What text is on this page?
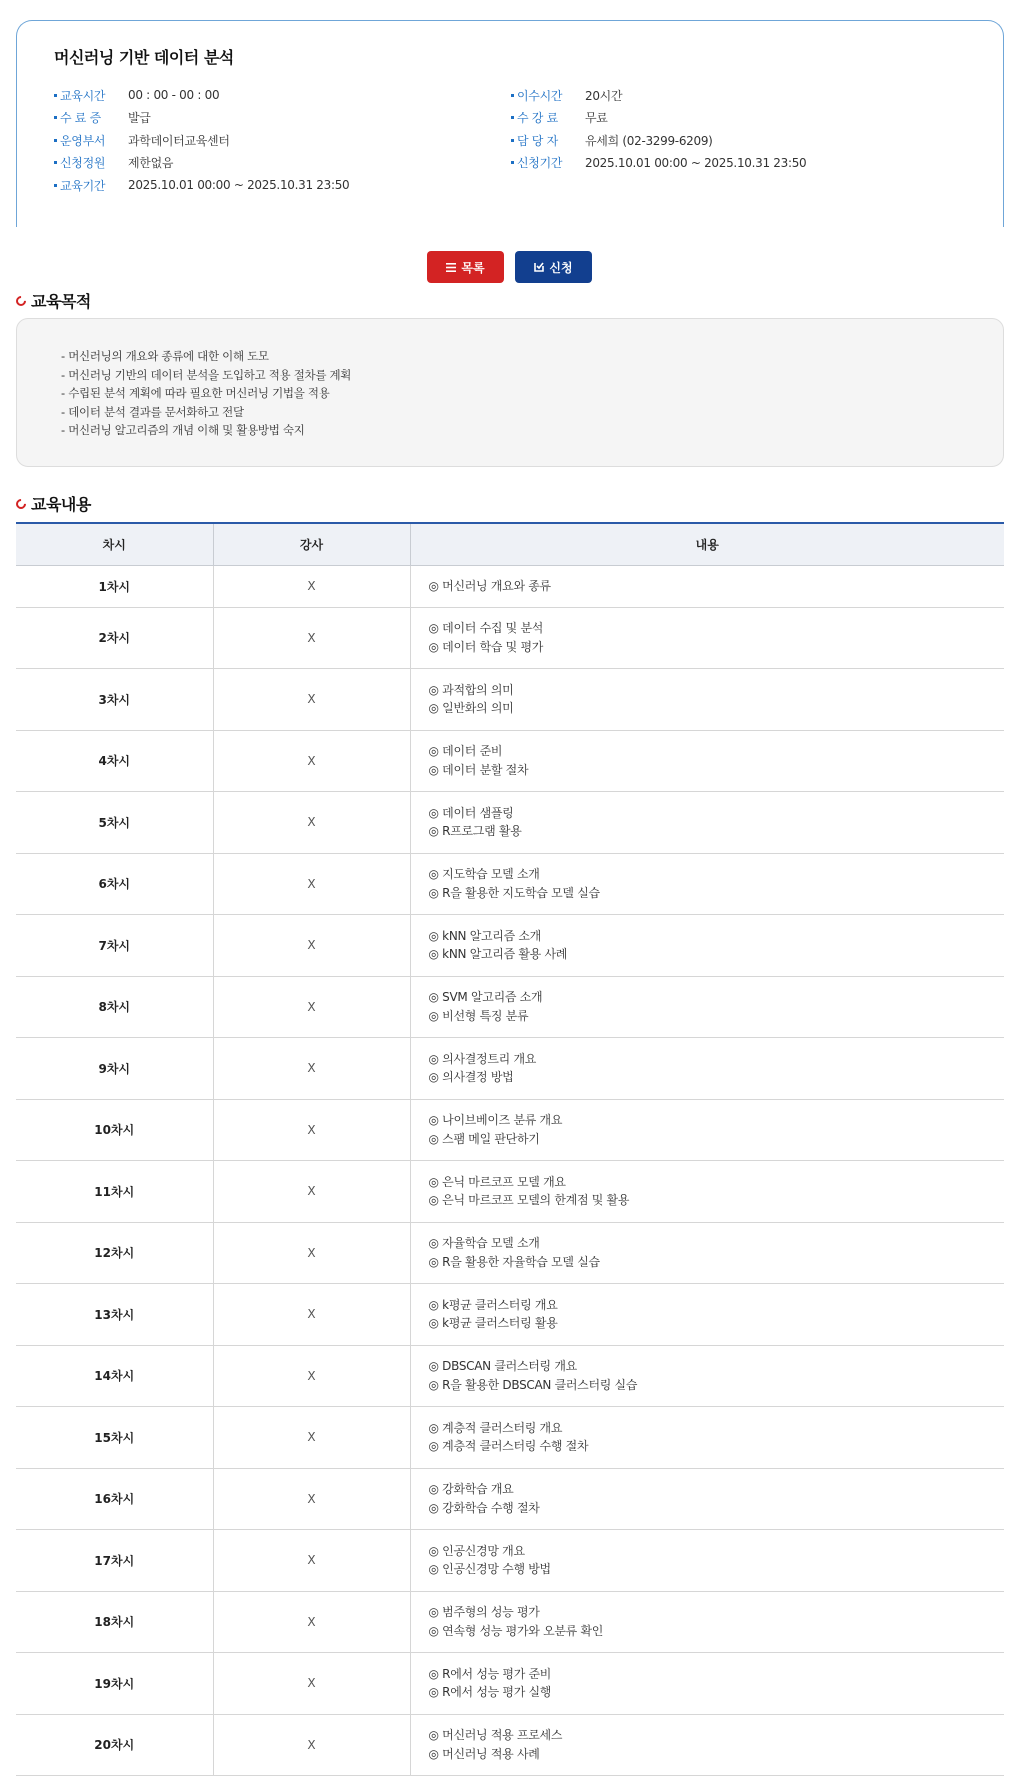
머신러닝 기반 데이터 분석
교육시간	00 : 00 - 00 : 00
수 료 증	발급
운영부서	과학데이터교육센터
신청정원	제한없음
교육기간	2025.10.01 00:00 ~ 2025.10.31 23:50
이수시간	20시간
수 강 료	무료
담 당 자	유세희 (02-3299-6209)
신청기간	2025.10.01 00:00 ~ 2025.10.31 23:50
목록	신청
교육목적
- 머신러닝의 개요와 종류에 대한 이해 도모
- 머신러닝 기반의 데이터 분석을 도입하고 적용 절차를 계획
- 수립된 분석 계획에 따라 필요한 머신러닝 기법을 적용
- 데이터 분석 결과를 문서화하고 전달
- 머신러닝 알고리즘의 개념 이해 및 활용방법 숙지
교육내용
차시	강사	내용
1차시	X	◎ 머신러닝 개요와 종류

2차시	X	◎ 데이터 수집 및 분석
◎ 데이터 학습 및 평가

3차시	X	◎ 과적합의 의미
◎ 일반화의 의미

4차시	X	◎ 데이터 준비
◎ 데이터 분할 절차

5차시	X	◎ 데이터 샘플링
◎ R프로그램 활용

6차시	X	◎ 지도학습 모델 소개
◎ R을 활용한 지도학습 모델 실습

7차시	X	◎ kNN 알고리즘 소개
◎ kNN 알고리즘 활용 사례

8차시	X	◎ SVM 알고리즘 소개
◎ 비선형 특징 분류

9차시	X	◎ 의사결정트리 개요
◎ 의사결정 방법

10차시	X	◎ 나이브베이즈 분류 개요
◎ 스팸 메일 판단하기

11차시	X	◎ 은닉 마르코프 모델 개요
◎ 은닉 마르코프 모델의 한계점 및 활용

12차시	X	◎ 자율학습 모델 소개
◎ R을 활용한 자율학습 모델 실습

13차시	X	◎ k평균 클러스터링 개요
◎ k평균 클러스터링 활용

14차시	X	◎ DBSCAN 클러스터링 개요
◎ R을 활용한 DBSCAN 클러스터링 실습

15차시	X	◎ 계층적 클러스터링 개요
◎ 계층적 클러스터링 수행 절차

16차시	X	◎ 강화학습 개요
◎ 강화학습 수행 절차

17차시	X	◎ 인공신경망 개요
◎ 인공신경망 수행 방법

18차시	X	◎ 범주형의 성능 평가
◎ 연속형 성능 평가와 오분류 확인

19차시	X	◎ R에서 성능 평가 준비
◎ R에서 성능 평가 실행

20차시	X	◎ 머신러닝 적용 프로세스
◎ 머신러닝 적용 사례
